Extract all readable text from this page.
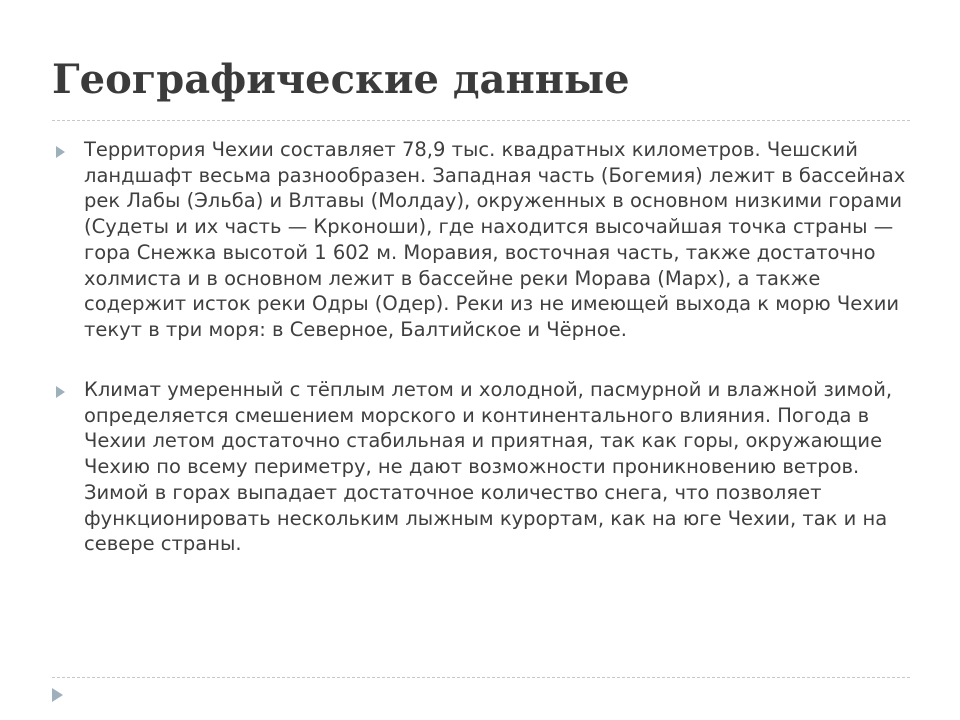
Географические данные
Территория Чехии составляет 78,9 тыс. квадратных километров. Чешский ландшафт весьма разнообразен. Западная часть (Богемия) лежит в бассейнах рек Лабы (Эльба) и Влтавы (Молдау), окруженных в основном низкими горами (Судеты и их часть — Крконоши), где находится высочайшая точка страны — гора Снежка высотой 1 602 м. Моравия, восточная часть, также достаточно холмиста и в основном лежит в бассейне реки Морава (Марх), а также содержит исток реки Одры (Одер). Реки из не имеющей выхода к морю Чехии текут в три моря: в Северное, Балтийское и Чёрное.
Климат умеренный с тёплым летом и холодной, пасмурной и влажной зимой, определяется смешением морского и континентального влияния. Погода в Чехии летом достаточно стабильная и приятная, так как горы, окружающие Чехию по всему периметру, не дают возможности проникновению ветров. Зимой в горах выпадает достаточное количество снега, что позволяет функционировать нескольким лыжным курортам, как на юге Чехии, так и на севере страны.
